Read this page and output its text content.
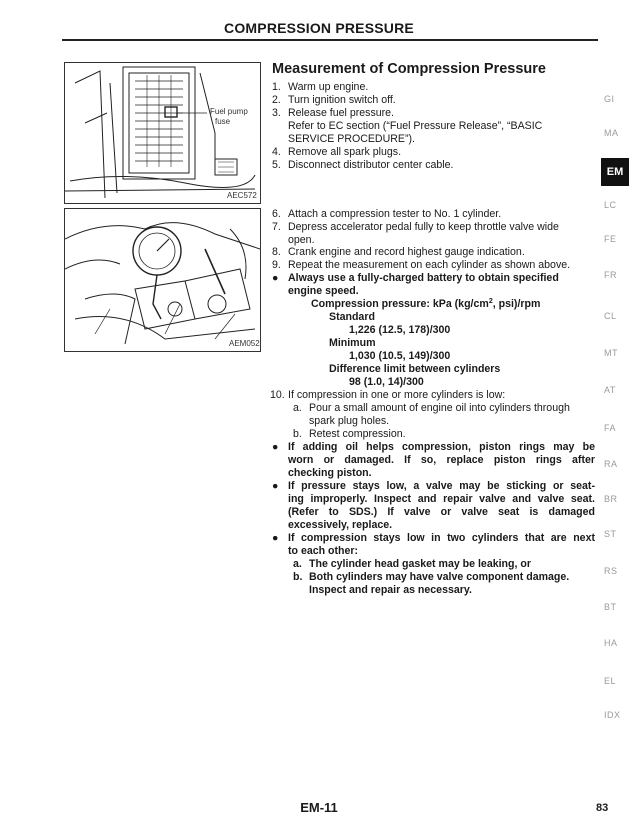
COMPRESSION PRESSURE
Fuel pump
fuse
AEC572
AEM052
Measurement of Compression Pressure
1. Warm up engine.
2. Turn ignition switch off.
3. Release fuel pressure.
Refer to EC section (“Fuel Pressure Release”, “BASIC
SERVICE PROCEDURE”).
4. Remove all spark plugs.
5. Disconnect distributor center cable.
6. Attach a compression tester to No. 1 cylinder.
7. Depress accelerator pedal fully to keep throttle valve wide
open.
8. Crank engine and record highest gauge indication.
9. Repeat the measurement on each cylinder as shown above.
● Always use a fully-charged battery to obtain specified
engine speed.
Compression pressure: kPa ($kg/cm^2$, psi)/rpm
Standard
1,226 (12.5, 178)/300
Minimum
1,030 (10.5, 149)/300
Difference limit between cylinders
98 (1.0, 14)/300
10. If compression in one or more cylinders is low:
a. Pour a small amount of engine oil into cylinders through
spark plug holes.
b. Retest compression.
● If adding oil helps compression, piston rings may be
worn or damaged. If so, replace piston rings after
checking piston.
● If pressure stays low, a valve may be sticking or seat-
ing improperly. Inspect and repair valve and valve seat.
(Refer to SDS.) If valve or valve seat is damaged
excessively, replace.
● If compression stays low in two cylinders that are next
to each other:
a. The cylinder head gasket may be leaking, or
b. Both cylinders may have valve component damage.
Inspect and repair as necessary.
GI
MA
EM
LC
FE
FR
CL
MT
AT
FA
RA
BR
ST
RS
BT
HA
EL
IDX
EM-11	83
